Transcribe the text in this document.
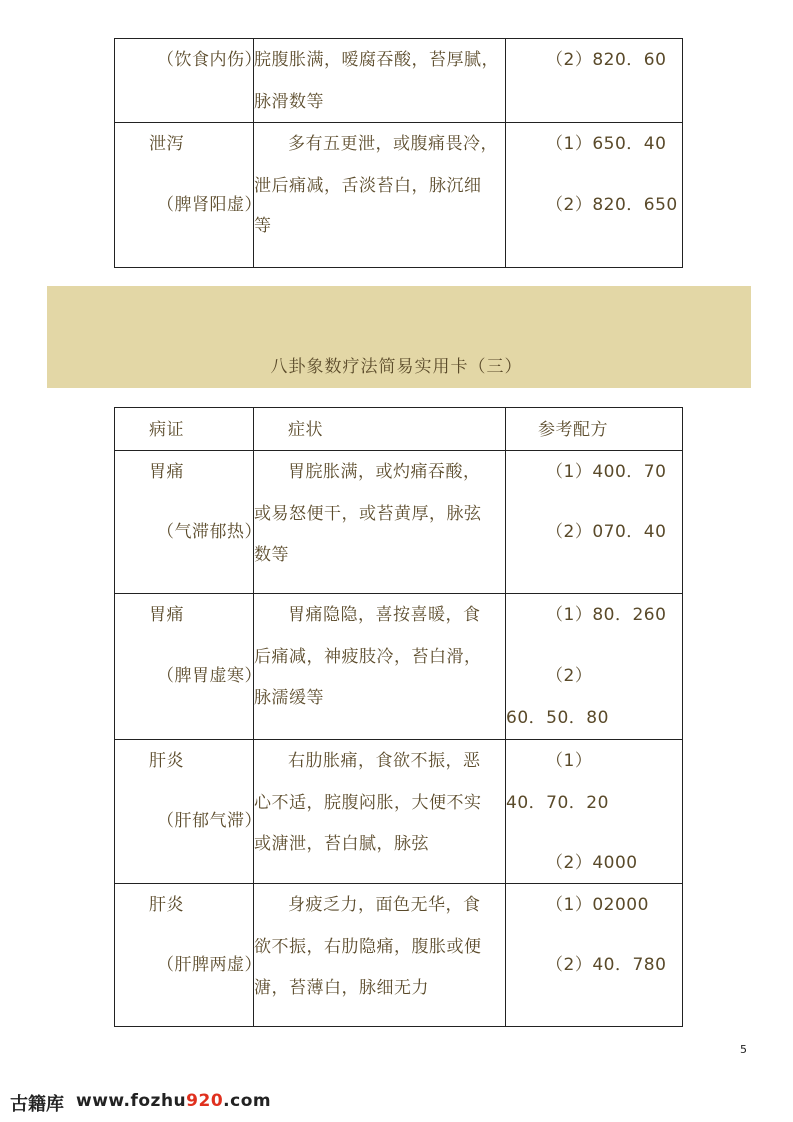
（饮食内伤）
脘腹胀满，嗳腐吞酸，苔厚腻，
脉滑数等
（2）820．60
泄泻
（脾肾阳虚）
多有五更泄，或腹痛畏冷，
泄后痛减，舌淡苔白，脉沉细
等
（1）650．40
（2）820．650
八卦象数疗法简易实用卡（三）
病证	症状	参考配方
胃痛
（气滞郁热）
胃脘胀满，或灼痛吞酸，
或易怒便干，或苔黄厚，脉弦
数等
（1）400．70
（2）070．40
胃痛
（脾胃虚寒）
胃痛隐隐，喜按喜暖，食
后痛减，神疲肢冷，苔白滑，
脉濡缓等
（1）80．260
（2）
60．50．80
肝炎
（肝郁气滞）
右肋胀痛，食欲不振，恶
心不适，脘腹闷胀，大便不实
或溏泄，苔白腻，脉弦
（1）
40．70．20
（2）4000
肝炎
（肝脾两虚）
身疲乏力，面色无华，食
欲不振，右肋隐痛，腹胀或便
溏，苔薄白，脉细无力
（1）02000
（2）40．780
5
古籍库 www.fozhu920.com
